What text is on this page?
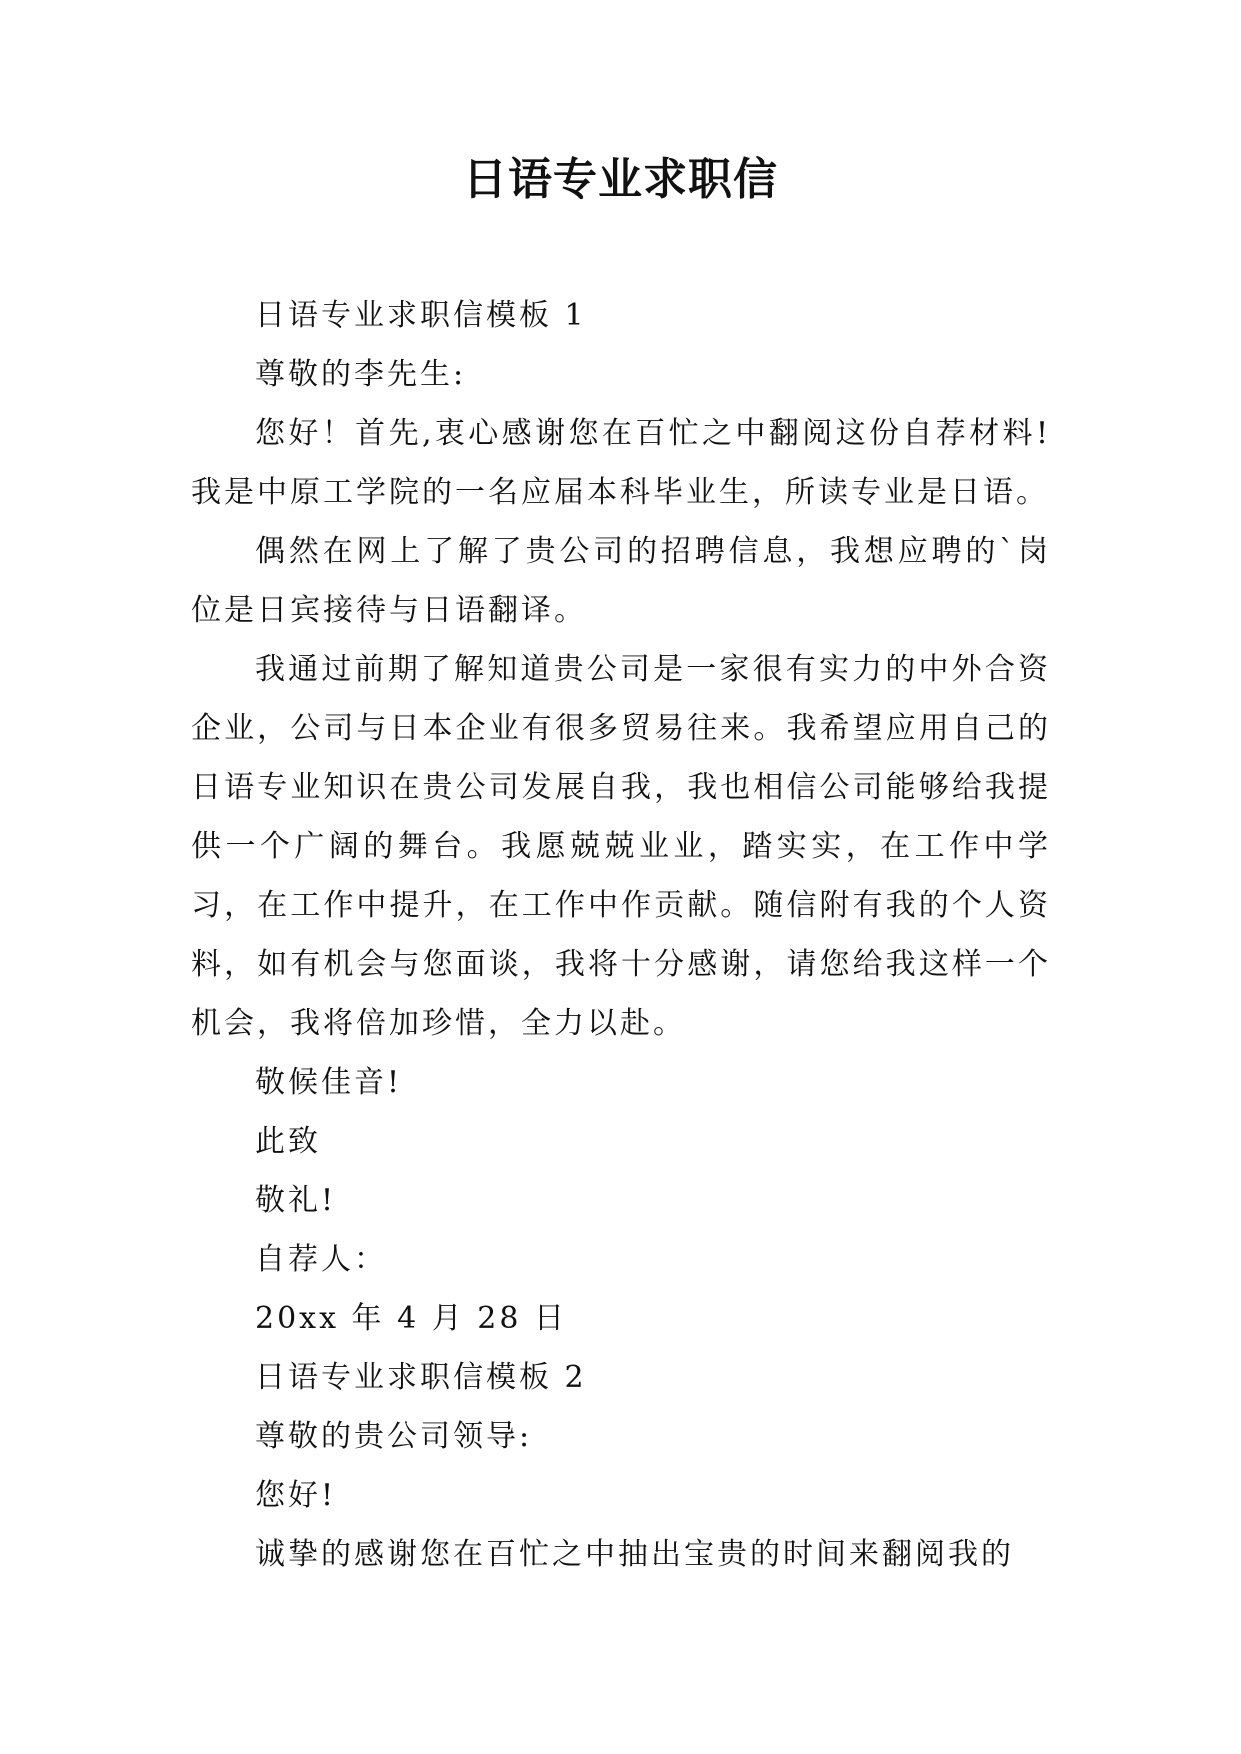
日语专业求职信
日语专业求职信模板 1
尊敬的李先生:

您好！首先,衷心感谢您在百忙之中翻阅这份自荐材料!我是中原工学院的一名应届本科毕业生，所读专业是日语。

偶然在网上了解了贵公司的招聘信息，我想应聘的`岗位是日宾接待与日语翻译。

我通过前期了解知道贵公司是一家很有实力的中外合资企业，公司与日本企业有很多贸易往来。我希望应用自己的日语专业知识在贵公司发展自我，我也相信公司能够给我提供一个广阔的舞台。我愿兢兢业业，踏实实，在工作中学习，在工作中提升，在工作中作贡献。随信附有我的个人资料，如有机会与您面谈，我将十分感谢，请您给我这样一个机会，我将倍加珍惜，全力以赴。

敬候佳音!
此致
敬礼!
自荐人：
20xx 年 4 月 28 日
日语专业求职信模板 2
尊敬的贵公司领导:
您好!
诚挚的感谢您在百忙之中抽出宝贵的时间来翻阅我的
